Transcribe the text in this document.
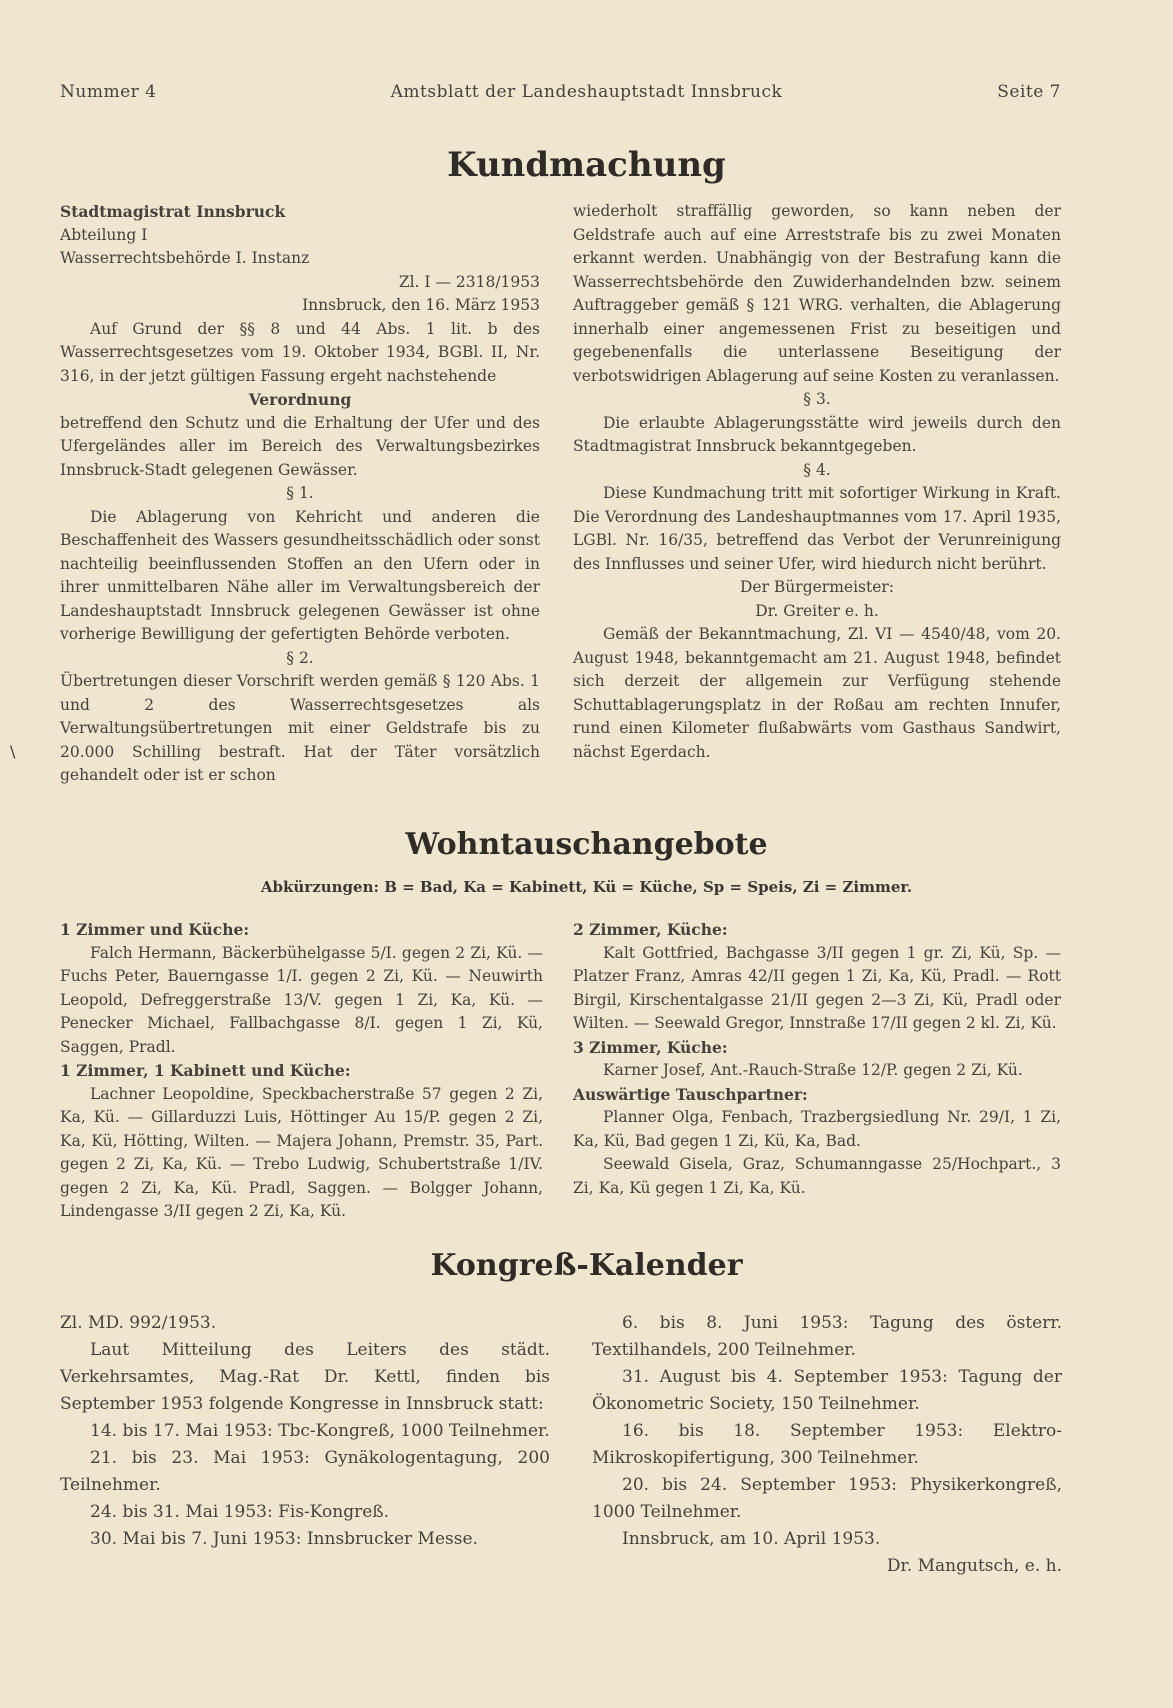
Nummer 4	Amtsblatt der Landeshauptstadt Innsbruck	Seite 7
Kundmachung

Stadtmagistrat Innsbruck

Abteilung I

Wasserrechtsbehörde I. Instanz

Zl. I — 2318/1953

Innsbruck, den 16. März 1953

Auf Grund der §§ 8 und 44 Abs. 1 lit. b des Wasserrechtsgesetzes vom 19. Oktober 1934, BGBl. II, Nr. 316, in der jetzt gültigen Fassung ergeht nachstehende

Verordnung

betreffend den Schutz und die Erhaltung der Ufer und des Ufergeländes aller im Bereich des Verwaltungsbezirkes Innsbruck-Stadt gelegenen Gewässer.

§ 1.

Die Ablagerung von Kehricht und anderen die Beschaffenheit des Wassers gesundheitsschädlich oder sonst nachteilig beeinflussenden Stoffen an den Ufern oder in ihrer unmittelbaren Nähe aller im Verwaltungsbereich der Landeshauptstadt Innsbruck gelegenen Gewässer ist ohne vorherige Bewilligung der gefertigten Behörde verboten.

§ 2.

Übertretungen dieser Vorschrift werden gemäß § 120 Abs. 1 und 2 des Wasserrechtsgesetzes als Verwaltungsübertretungen mit einer Geldstrafe bis zu 20.000 Schilling bestraft. Hat der Täter vorsätzlich gehandelt oder ist er schon

wiederholt straffällig geworden, so kann neben der Geldstrafe auch auf eine Arreststrafe bis zu zwei Monaten erkannt werden. Unabhängig von der Bestrafung kann die Wasserrechtsbehörde den Zuwiderhandelnden bzw. seinem Auftraggeber gemäß § 121 WRG. verhalten, die Ablagerung innerhalb einer angemessenen Frist zu beseitigen und gegebenenfalls die unterlassene Beseitigung der verbotswidrigen Ablagerung auf seine Kosten zu veranlassen.

§ 3.

Die erlaubte Ablagerungsstätte wird jeweils durch den Stadtmagistrat Innsbruck bekanntgegeben.

§ 4.

Diese Kundmachung tritt mit sofortiger Wirkung in Kraft. Die Verordnung des Landeshauptmannes vom 17. April 1935, LGBl. Nr. 16/35, betreffend das Verbot der Verunreinigung des Innflusses und seiner Ufer, wird hiedurch nicht berührt.

Der Bürgermeister:

Dr. Greiter e. h.

Gemäß der Bekanntmachung, Zl. VI — 4540/48, vom 20. August 1948, bekanntgemacht am 21. August 1948, befindet sich derzeit der allgemein zur Verfügung stehende Schuttablagerungsplatz in der Roßau am rechten Innufer, rund einen Kilometer flußabwärts vom Gasthaus Sandwirt, nächst Egerdach.

\
Wohntauschangebote
Abkürzungen: B = Bad, Ka = Kabinett, Kü = Küche, Sp = Speis, Zi = Zimmer.

1 Zimmer und Küche:

Falch Hermann, Bäckerbühelgasse 5/I. gegen 2 Zi, Kü. — Fuchs Peter, Bauerngasse 1/I. gegen 2 Zi, Kü. — Neuwirth Leopold, Defreggerstraße 13/V. gegen 1 Zi, Ka, Kü. — Penecker Michael, Fallbachgasse 8/I. gegen 1 Zi, Kü, Saggen, Pradl.

1 Zimmer, 1 Kabinett und Küche:

Lachner Leopoldine, Speckbacherstraße 57 gegen 2 Zi, Ka, Kü. — Gillarduzzi Luis, Höttinger Au 15/P. gegen 2 Zi, Ka, Kü, Hötting, Wilten. — Majera Johann, Premstr. 35, Part. gegen 2 Zi, Ka, Kü. — Trebo Ludwig, Schubertstraße 1/IV. gegen 2 Zi, Ka, Kü. Pradl, Saggen. — Bolgger Johann, Lindengasse 3/II gegen 2 Zi, Ka, Kü.

2 Zimmer, Küche:

Kalt Gottfried, Bachgasse 3/II gegen 1 gr. Zi, Kü, Sp. — Platzer Franz, Amras 42/II gegen 1 Zi, Ka, Kü, Pradl. — Rott Birgil, Kirschentalgasse 21/II gegen 2—3 Zi, Kü, Pradl oder Wilten. — Seewald Gregor, Innstraße 17/II gegen 2 kl. Zi, Kü.

3 Zimmer, Küche:

Karner Josef, Ant.-Rauch-Straße 12/P. gegen 2 Zi, Kü.

Auswärtige Tauschpartner:

Planner Olga, Fenbach, Trazbergsiedlung Nr. 29/I, 1 Zi, Ka, Kü, Bad gegen 1 Zi, Kü, Ka, Bad.

Seewald Gisela, Graz, Schumanngasse 25/Hochpart., 3 Zi, Ka, Kü gegen 1 Zi, Ka, Kü.

Kongreß-Kalender

Zl. MD. 992/1953.

Laut Mitteilung des Leiters des städt. Verkehrsamtes, Mag.-Rat Dr. Kettl, finden bis September 1953 folgende Kongresse in Innsbruck statt:

14. bis 17. Mai 1953: Tbc-Kongreß, 1000 Teilnehmer.

21. bis 23. Mai 1953: Gynäkologentagung, 200 Teilnehmer.

24. bis 31. Mai 1953: Fis-Kongreß.

30. Mai bis 7. Juni 1953: Innsbrucker Messe.

6. bis 8. Juni 1953: Tagung des österr. Textilhandels, 200 Teilnehmer.

31. August bis 4. September 1953: Tagung der Ökonometric Society, 150 Teilnehmer.

16. bis 18. September 1953: Elektro-Mikroskopifertigung, 300 Teilnehmer.

20. bis 24. September 1953: Physikerkongreß, 1000 Teilnehmer.

Innsbruck, am 10. April 1953.

Dr. Mangutsch, e. h.
